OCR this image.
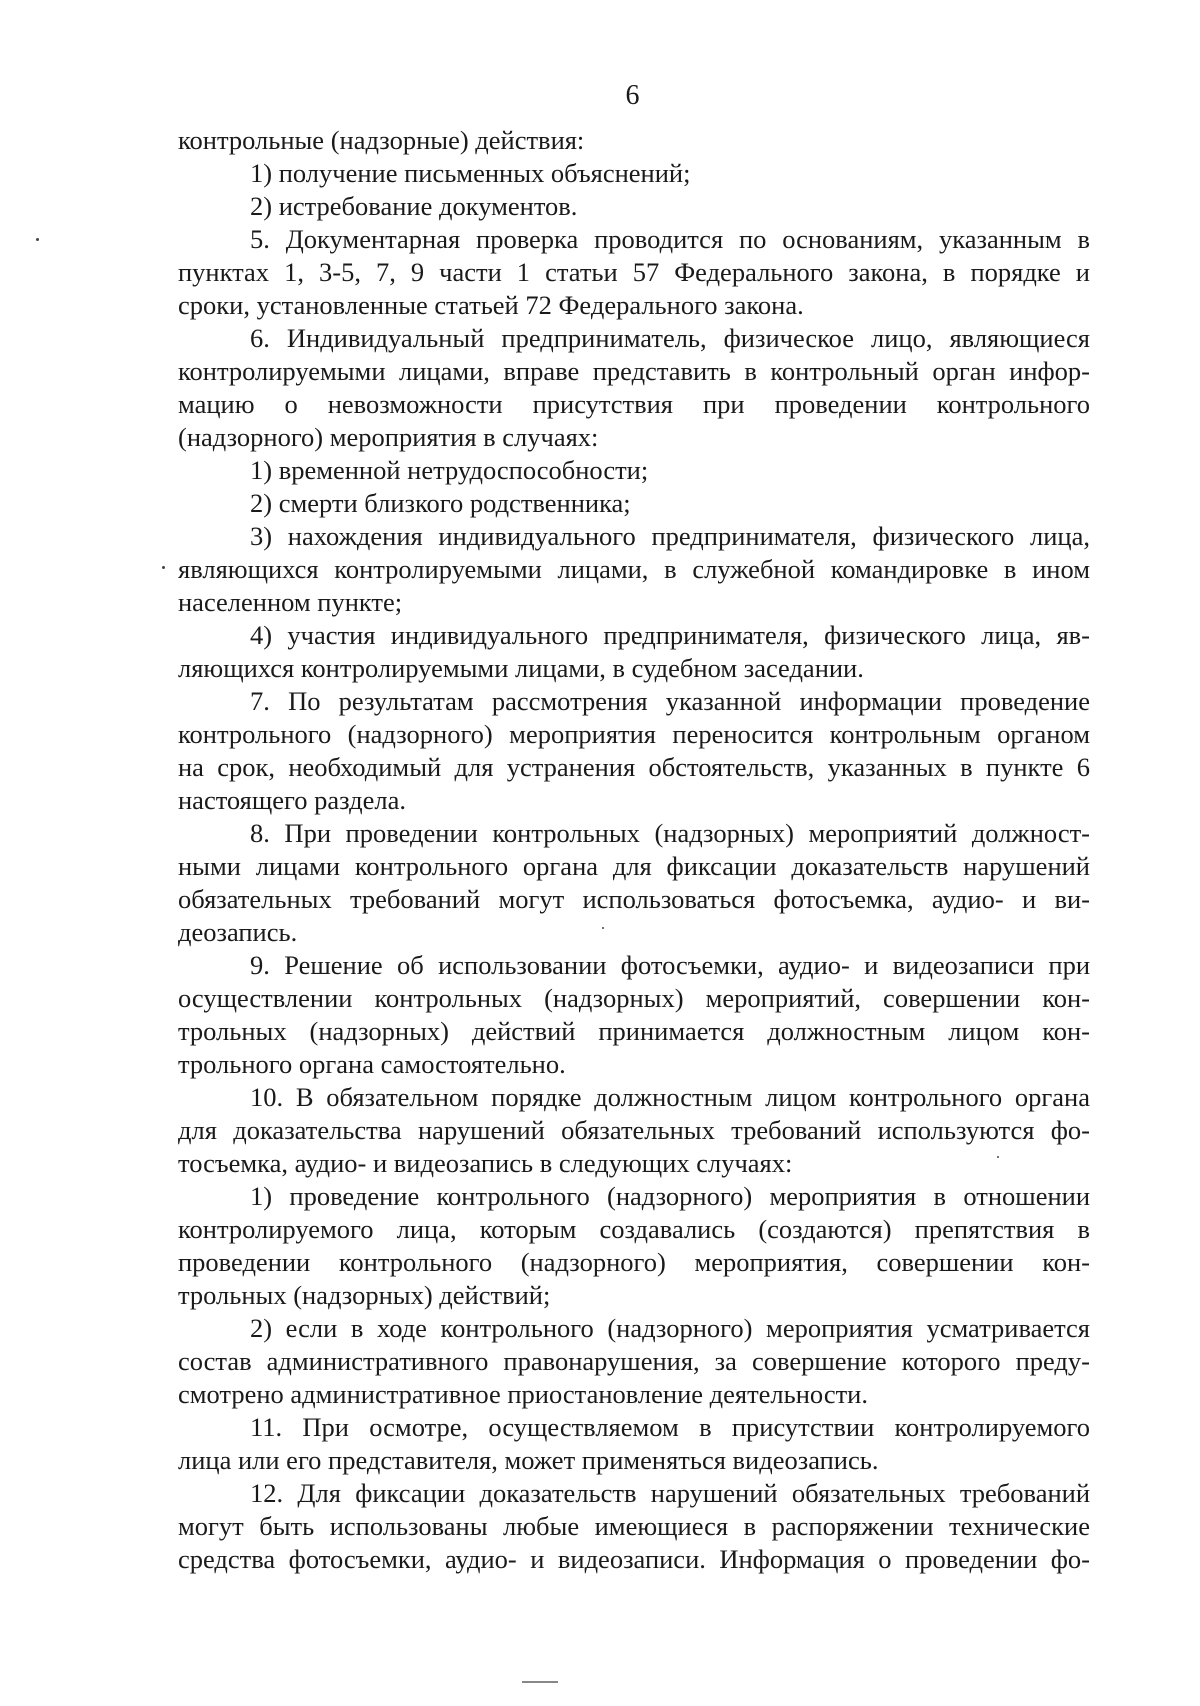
6
контрольные (надзорные) действия:
1) получение письменных объяснений;
2) истребование документов.
5. Документарная проверка проводится по основаниям, указанным в
пунктах 1, 3-5, 7, 9 части 1 статьи 57 Федерального закона, в порядке и
сроки, установленные статьей 72 Федерального закона.
6. Индивидуальный предприниматель, физическое лицо, являющиеся
контролируемыми лицами, вправе представить в контрольный орган инфор-
мацию о невозможности присутствия при проведении контрольного
(надзорного) мероприятия в случаях:
1) временной нетрудоспособности;
2) смерти близкого родственника;
3) нахождения индивидуального предпринимателя, физического лица,
являющихся контролируемыми лицами, в служебной командировке в ином
населенном пункте;
4) участия индивидуального предпринимателя, физического лица, яв-
ляющихся контролируемыми лицами, в судебном заседании.
7. По результатам рассмотрения указанной информации проведение
контрольного (надзорного) мероприятия переносится контрольным органом
на срок, необходимый для устранения обстоятельств, указанных в пункте 6
настоящего раздела.
8. При проведении контрольных (надзорных) мероприятий должност-
ными лицами контрольного органа для фиксации доказательств нарушений
обязательных требований могут использоваться фотосъемка, аудио- и ви-
деозапись.
9. Решение об использовании фотосъемки, аудио- и видеозаписи при
осуществлении контрольных (надзорных) мероприятий, совершении кон-
трольных (надзорных) действий принимается должностным лицом кон-
трольного органа самостоятельно.
10. В обязательном порядке должностным лицом контрольного органа
для доказательства нарушений обязательных требований используются фо-
тосъемка, аудио- и видеозапись в следующих случаях:
1) проведение контрольного (надзорного) мероприятия в отношении
контролируемого лица, которым создавались (создаются) препятствия в
проведении контрольного (надзорного) мероприятия, совершении кон-
трольных (надзорных) действий;
2) если в ходе контрольного (надзорного) мероприятия усматривается
состав административного правонарушения, за совершение которого преду-
смотрено административное приостановление деятельности.
11. При осмотре, осуществляемом в присутствии контролируемого
лица или его представителя, может применяться видеозапись.
12. Для фиксации доказательств нарушений обязательных требований
могут быть использованы любые имеющиеся в распоряжении технические
средства фотосъемки, аудио- и видеозаписи. Информация о проведении фо-
